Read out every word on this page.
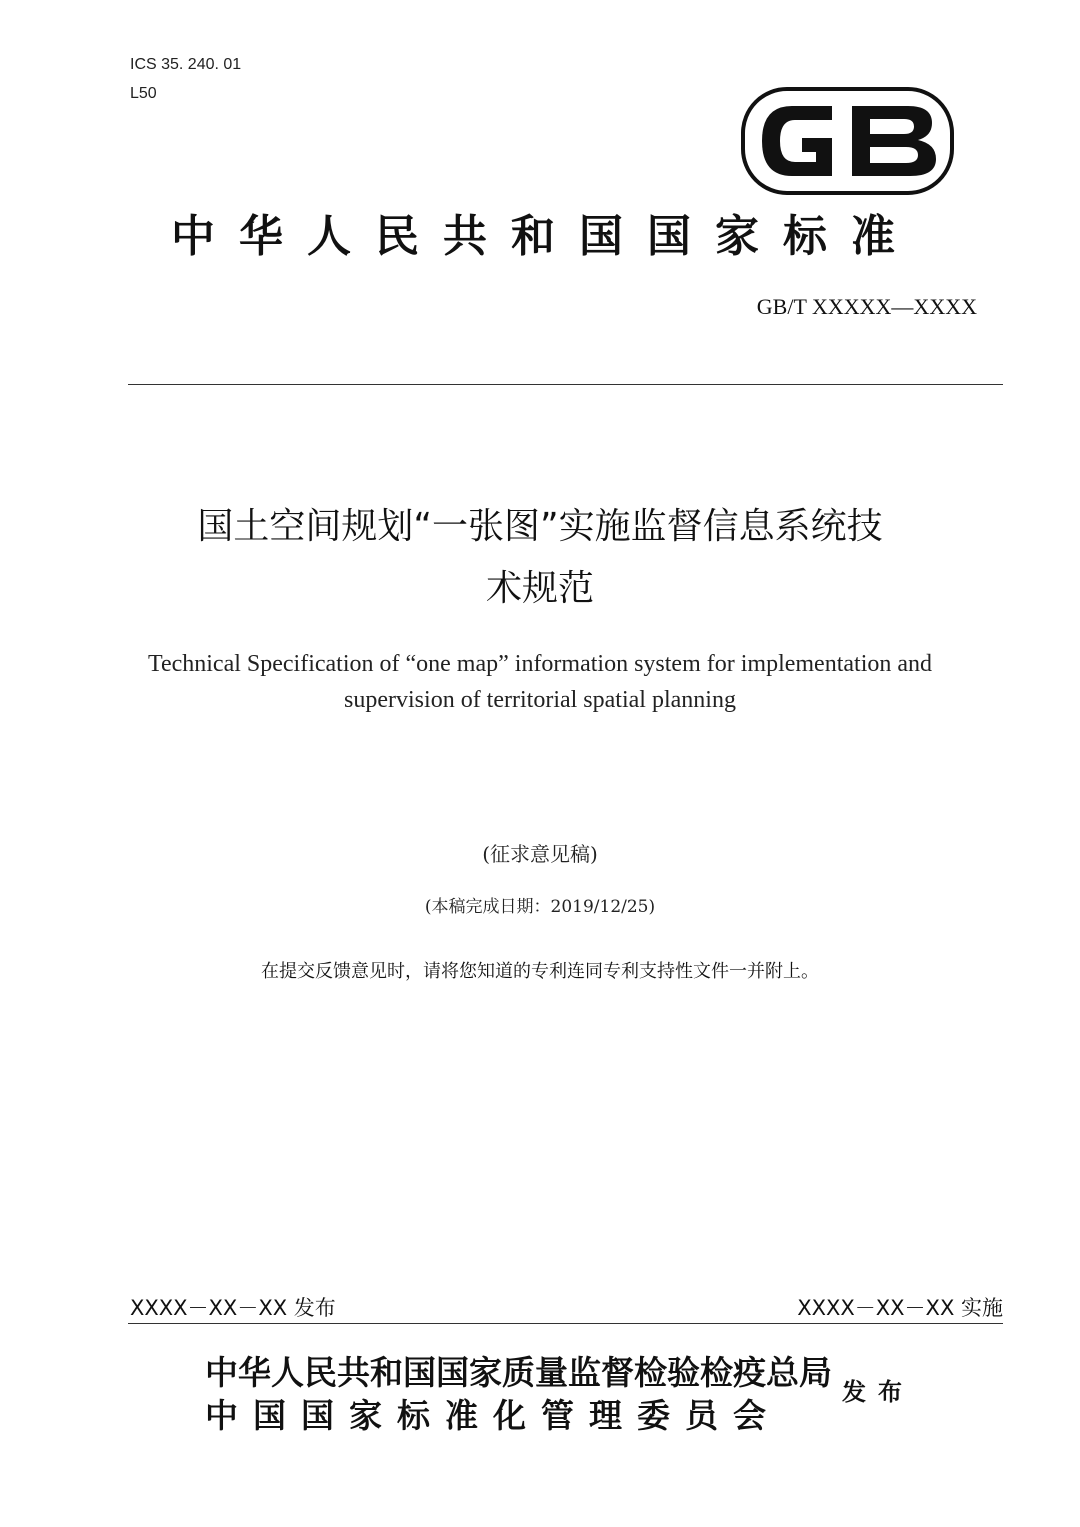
ICS 35. 240. 01
L50
中华人民共和国国家标准
GB/T XXXXX—XXXX
国土空间规划“一张图”实施监督信息系统技
术规范
Technical Specification of “one map” information system for implementation and
supervision of territorial spatial planning
(征求意见稿)
(本稿完成日期：2019/12/25)
在提交反馈意见时，请将您知道的专利连同专利支持性文件一并附上。
XXXX－XX－XX 发布	XXXX－XX－XX 实施
中华人民共和国国家质量监督检验检疫总局
中国国家标准化管理委员会
发布
